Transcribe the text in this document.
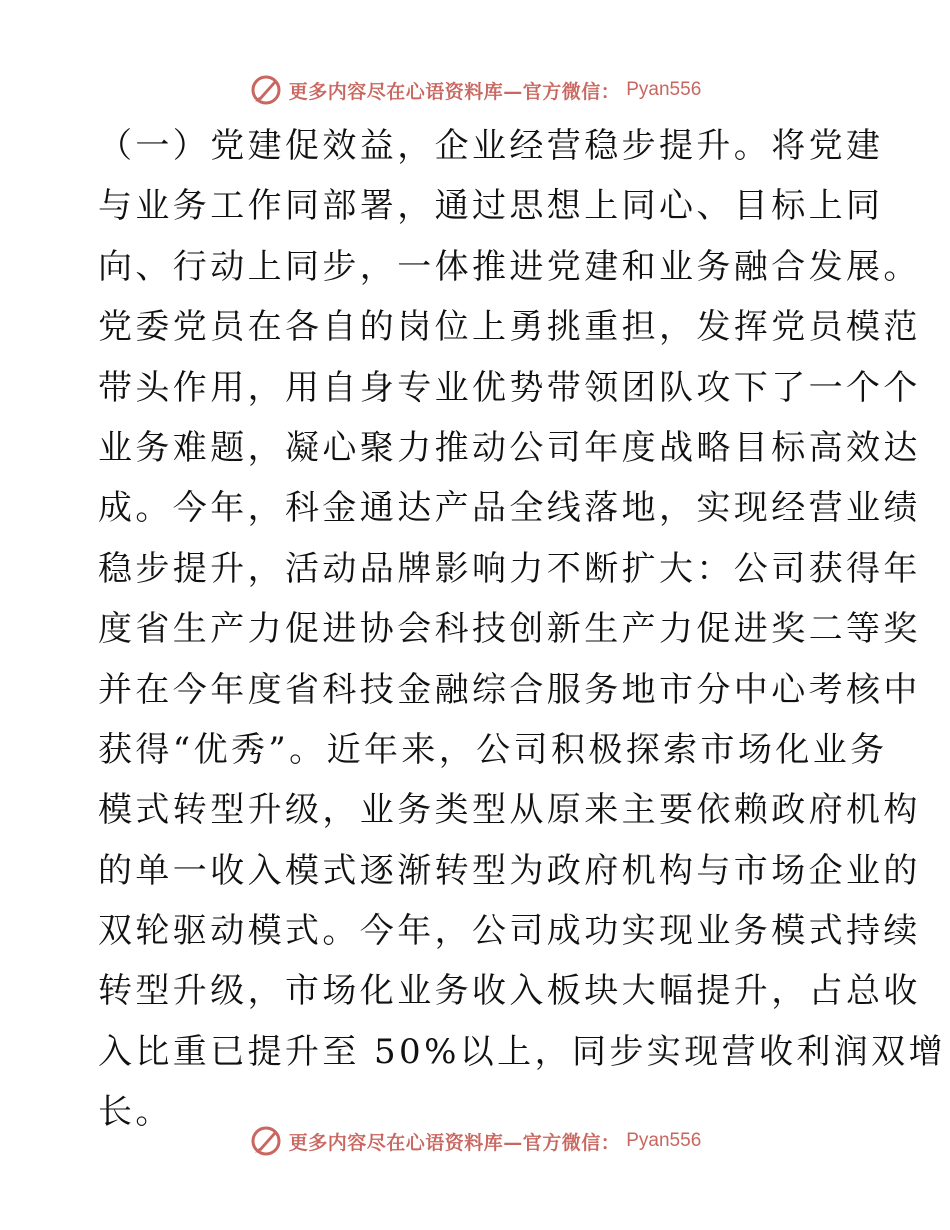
更多内容尽在心语资料库—官方微信： Pyan556
（一）党建促效益，企业经营稳步提升。将党建
与业务工作同部署，通过思想上同心、目标上同
向、行动上同步，一体推进党建和业务融合发展。
党委党员在各自的岗位上勇挑重担，发挥党员模范
带头作用，用自身专业优势带领团队攻下了一个个
业务难题，凝心聚力推动公司年度战略目标高效达
成。今年，科金通达产品全线落地，实现经营业绩
稳步提升，活动品牌影响力不断扩大：公司获得年
度省生产力促进协会科技创新生产力促进奖二等奖
并在今年度省科技金融综合服务地市分中心考核中
获得“优秀”。近年来，公司积极探索市场化业务
模式转型升级，业务类型从原来主要依赖政府机构
的单一收入模式逐渐转型为政府机构与市场企业的
双轮驱动模式。今年，公司成功实现业务模式持续
转型升级，市场化业务收入板块大幅提升，占总收
入比重已提升至 50%以上，同步实现营收利润双增
长。
更多内容尽在心语资料库—官方微信： Pyan556
